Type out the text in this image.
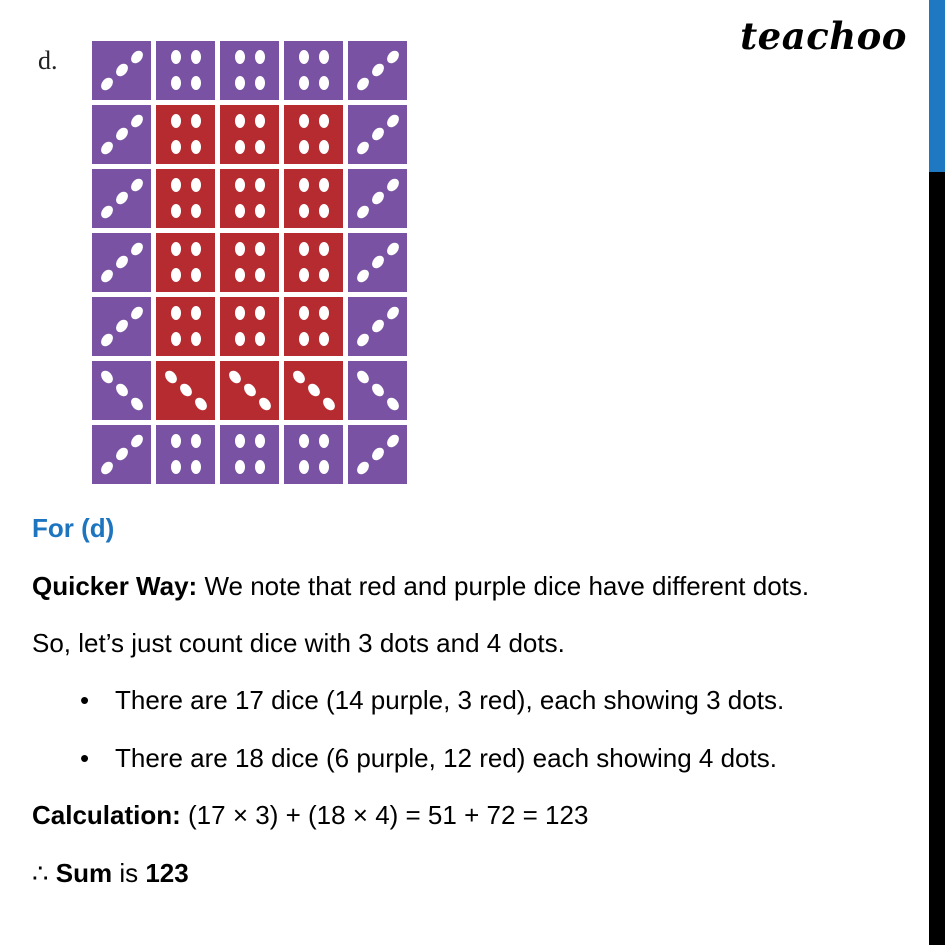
teachoo
d.
For (d)
Quicker Way: We note that red and purple dice have different dots.
So, let’s just count dice with 3 dots and 4 dots.
• There are 17 dice (14 purple, 3 red), each showing 3 dots.
• There are 18 dice (6 purple, 12 red) each showing 4 dots.
Calculation: (17 × 3) + (18 × 4) = 51 + 72 = 123
∴ Sum is 123
